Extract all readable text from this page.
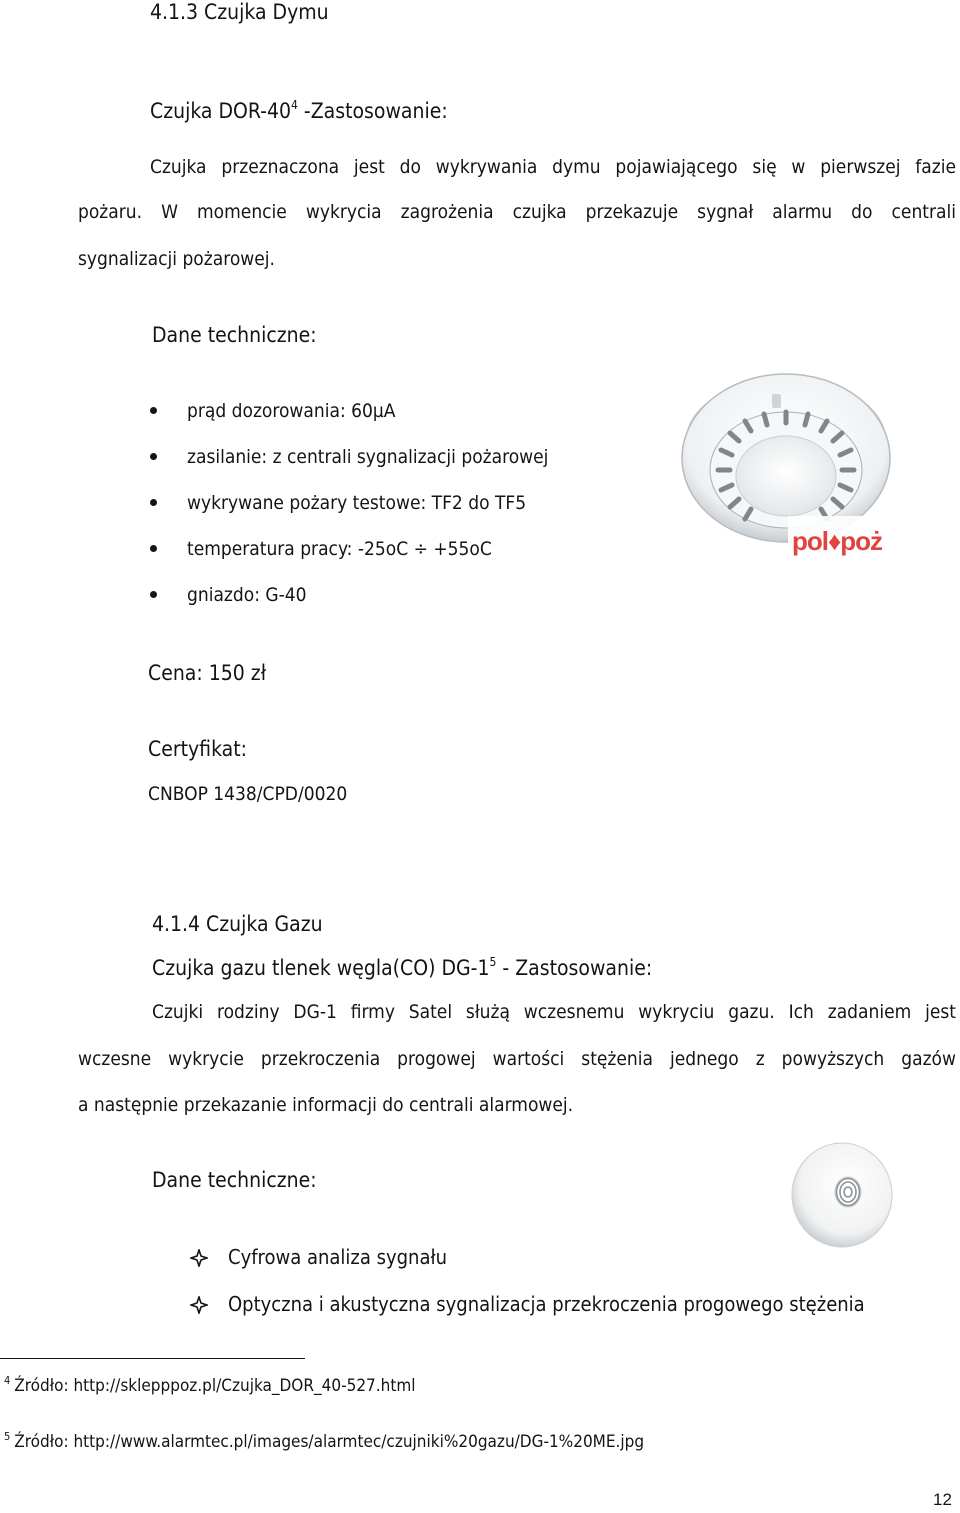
4.1.3 Czujka Dymu
Czujka DOR-$40^4$ -Zastosowanie:
Czujka przeznaczona jest do wykrywania dymu pojawiającego się w pierwszej fazie
pożaru. W momencie wykrycia zagrożenia czujka przekazuje sygnał alarmu do centrali
sygnalizacji pożarowej.
Dane techniczne:
prąd dozorowania: 60µA
zasilanie: z centrali sygnalizacji pożarowej
wykrywane pożary testowe: TF2 do TF5
temperatura pracy: -25oC ÷ +55oC
gniazdo: G-40
pol♦poż
Cena: 150 zł
Certyfikat:
CNBOP 1438/CPD/0020
4.1.4 Czujka Gazu
Czujka gazu tlenek węgla(CO) $DG-1^5$ - Zastosowanie:
Czujki rodziny DG-1 firmy Satel służą wczesnemu wykryciu gazu. Ich zadaniem jest
wczesne wykrycie przekroczenia progowej wartości stężenia jednego z powyższych gazów
a następnie przekazanie informacji do centrali alarmowej.
Dane techniczne:
Cyfrowa analiza sygnału
Optyczna i akustyczna sygnalizacja przekroczenia progowego stężenia
$^4$ Źródło: http://sklepppoz.pl/Czujka_DOR_40-527.html
$^5$ Źródło: http://www.alarmtec.pl/images/alarmtec/czujniki%20gazu/DG-1%20ME.jpg
12
